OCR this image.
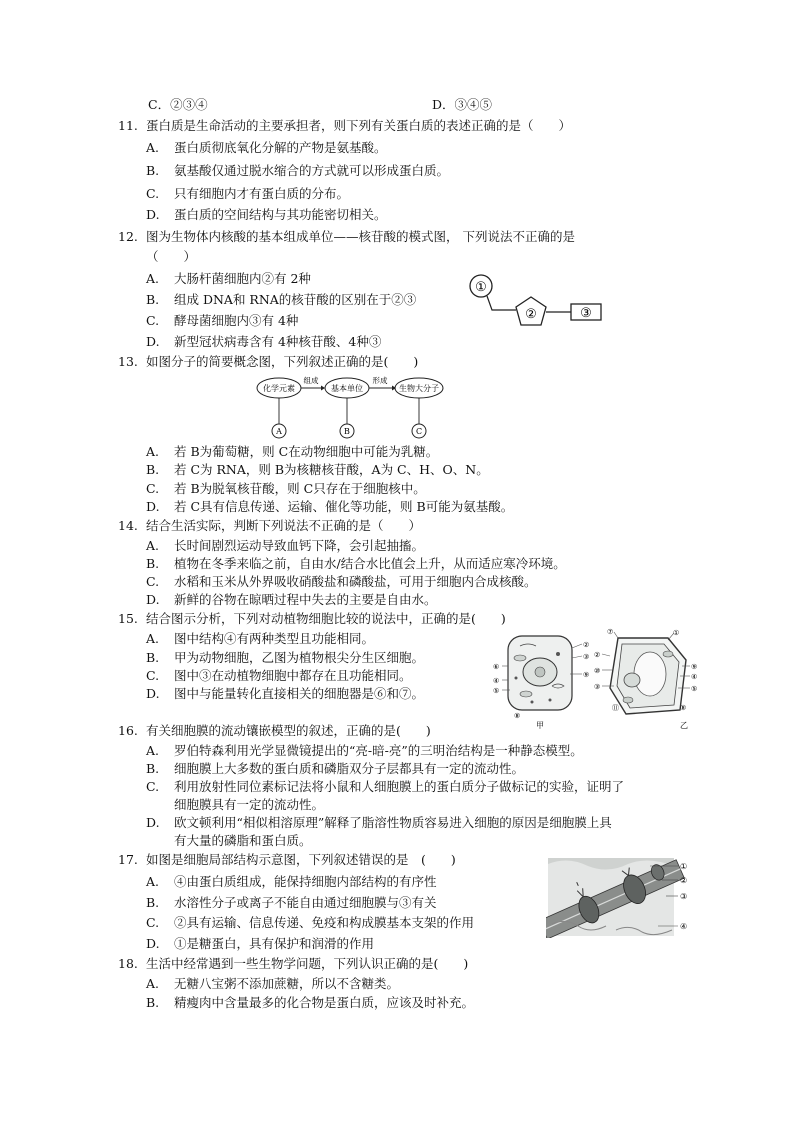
C．②③④	D．③④⑤
11. 蛋白质是生命活动的主要承担者，则下列有关蛋白质的表述正确的是（　　）
A. 蛋白质彻底氧化分解的产物是氨基酸。
B. 氨基酸仅通过脱水缩合的方式就可以形成蛋白质。
C. 只有细胞内才有蛋白质的分布。
D. 蛋白质的空间结构与其功能密切相关。
12. 图为生物体内核酸的基本组成单位——核苷酸的模式图， 下列说法不正确的是
（　　）
A. 大肠杆菌细胞内②有 2种
B. 组成 DNA和 RNA的核苷酸的区别在于②③
C. 酵母菌细胞内③有 4种
D. 新型冠状病毒含有 4种核苷酸、4种③
①
②	③
13. 如图分子的简要概念图，下列叙述正确的是(　　)
化学元素
组成
基本单位
形成
生物大分子
A	B	C
A. 若 B为葡萄糖，则 C在动物细胞中可能为乳糖。
B. 若 C为 RNA，则 B为核糖核苷酸，A为 C、H、O、N。
C. 若 B为脱氧核苷酸，则 C只存在于细胞核中。
D. 若 C具有信息传递、运输、催化等功能，则 B可能为氨基酸。
14. 结合生活实际，判断下列说法不正确的是（　　）
A. 长时间剧烈运动导致血钙下降，会引起抽搐。
B. 植物在冬季来临之前，自由水/结合水比值会上升，从而适应寒冷环境。
C. 水稻和玉米从外界吸收硝酸盐和磷酸盐，可用于细胞内合成核酸。
D. 新鲜的谷物在晾晒过程中失去的主要是自由水。
15. 结合图示分析，下列对动植物细胞比较的说法中，正确的是(　　)
A. 图中结构④有两种类型且功能相同。
B. 甲为动物细胞，乙图为植物根尖分生区细胞。
C. 图中③在动植物细胞中都存在且功能相同。
D. 图中与能量转化直接相关的细胞器是⑥和⑦。
②
③
⑨
⑥
④
⑤
⑧
甲
⑦	①
②
⑩
③
⑨
④
⑤
⑪	⑧
乙
16. 有关细胞膜的流动镶嵌模型的叙述，正确的是(　　)
A. 罗伯特森利用光学显微镜提出的“亮-暗-亮”的三明治结构是一种静态模型。
B. 细胞膜上大多数的蛋白质和磷脂双分子层都具有一定的流动性。
C. 利用放射性同位素标记法将小鼠和人细胞膜上的蛋白质分子做标记的实验，证明了
细胞膜具有一定的流动性。
D. 欧文顿利用“相似相溶原理”解释了脂溶性物质容易进入细胞的原因是细胞膜上具
有大量的磷脂和蛋白质。
17. 如图是细胞局部结构示意图，下列叙述错误的是　(　　)
A. ④由蛋白质组成，能保持细胞内部结构的有序性
B. 水溶性分子或离子不能自由通过细胞膜与③有关
C. ②具有运输、信息传递、免疫和构成膜基本支架的作用
D. ①是糖蛋白，具有保护和润滑的作用
①
②
③
④
18. 生活中经常遇到一些生物学问题，下列认识正确的是(　　)
A. 无糖八宝粥不添加蔗糖，所以不含糖类。
B. 精瘦肉中含量最多的化合物是蛋白质，应该及时补充。
